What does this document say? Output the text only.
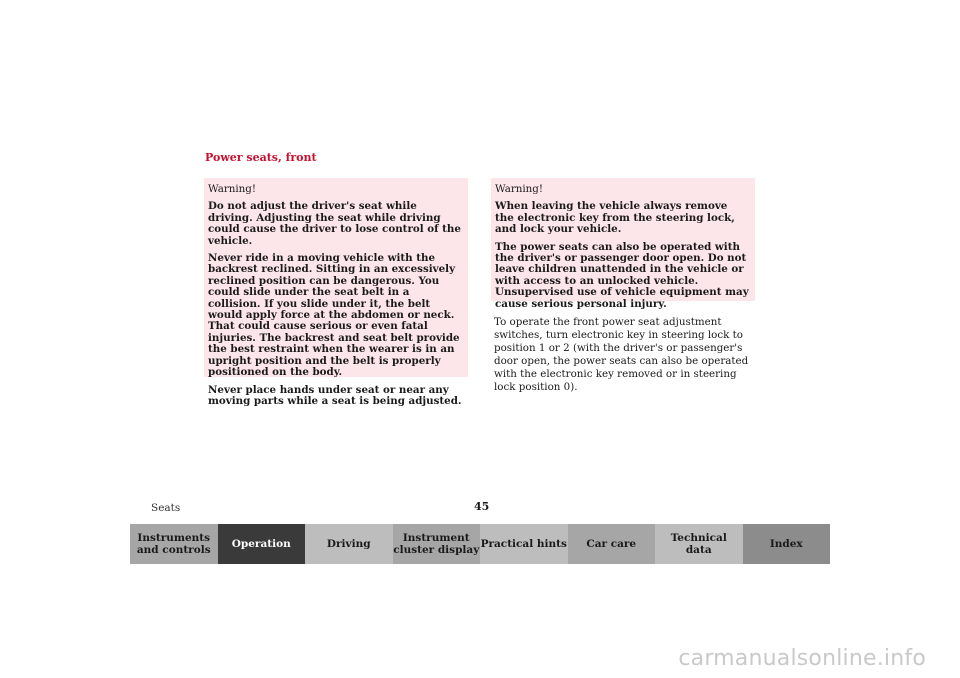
Power seats, front

Warning!

Do not adjust the driver's seat while driving. Adjusting the seat while driving could cause the driver to lose control of the vehicle.

Never ride in a moving vehicle with the backrest reclined. Sitting in an excessively reclined position can be dangerous. You could slide under the seat belt in a collision. If you slide under it, the belt would apply force at the abdomen or neck. That could cause serious or even fatal injuries. The backrest and seat belt provide the best restraint when the wearer is in an upright position and the belt is properly positioned on the body.

Never place hands under seat or near any moving parts while a seat is being adjusted.

Warning!

When leaving the vehicle always remove the electronic key from the steering lock, and lock your vehicle.

The power seats can also be operated with the driver's or passenger door open. Do not leave children unattended in the vehicle or with access to an unlocked vehicle. Unsupervised use of vehicle equipment may cause serious personal injury.

To operate the front power seat adjustment switches, turn electronic key in steering lock to position 1 or 2 (with the driver's or passenger's door open, the power seats can also be operated with the electronic key removed or in steering lock position 0).
Seats	45
Instruments
and controls	Operation	Driving	Instrument
cluster display Practical hints	Car care	Technical
data	Index
carmanualsonline.info
